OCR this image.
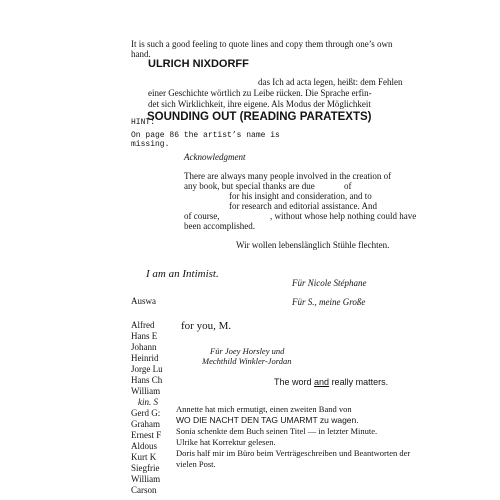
It is such a good feeling to quote lines and copy them through one’s own
hand.
ULRICH NIXDORFF
das Ich ad acta legen, heißt: dem Fehlen
einer Geschichte wörtlich zu Leibe rücken. Die Sprache erfin-
det sich Wirklichkeit, ihre eigene. Als Modus der Möglichkeit
SOUNDING OUT (READING PARATEXTS)
HINT:
On page 86 the artist’s name is
missing.
Acknowledgment
There are always many people involved in the creation of
any book, but special thanks are due	of
for his insight and consideration, and to
for research and editorial assistance. And
of course,	, without whose help nothing could have
been accomplished.
Wir wollen lebenslänglich Stühle flechten.
I am an Intimist.
Für Nicole Stéphane
Für S., meine Große
for you, M.
Für Joey Horsley und
Mechthild Winkler-Jordan
The word and really matters.
Auswa
Alfred
Hans E
Johann
Heinrid
Jorge Lu
Hans Ch
William
kin. S
Gerd G:
Graham
Ernest F
Aldous
Kurt K
Siegfrie
William
Carson
Annette hat mich ermutigt, einen zweiten Band von
WO DIE NACHT DEN TAG UMARMT zu wagen.
Sonia schenkte dem Buch seinen Titel — in letzter Minute.
Ulrike hat Korrektur gelesen.
Doris half mir im Büro beim Verträgeschreiben und Beantworten der
vielen Post.
